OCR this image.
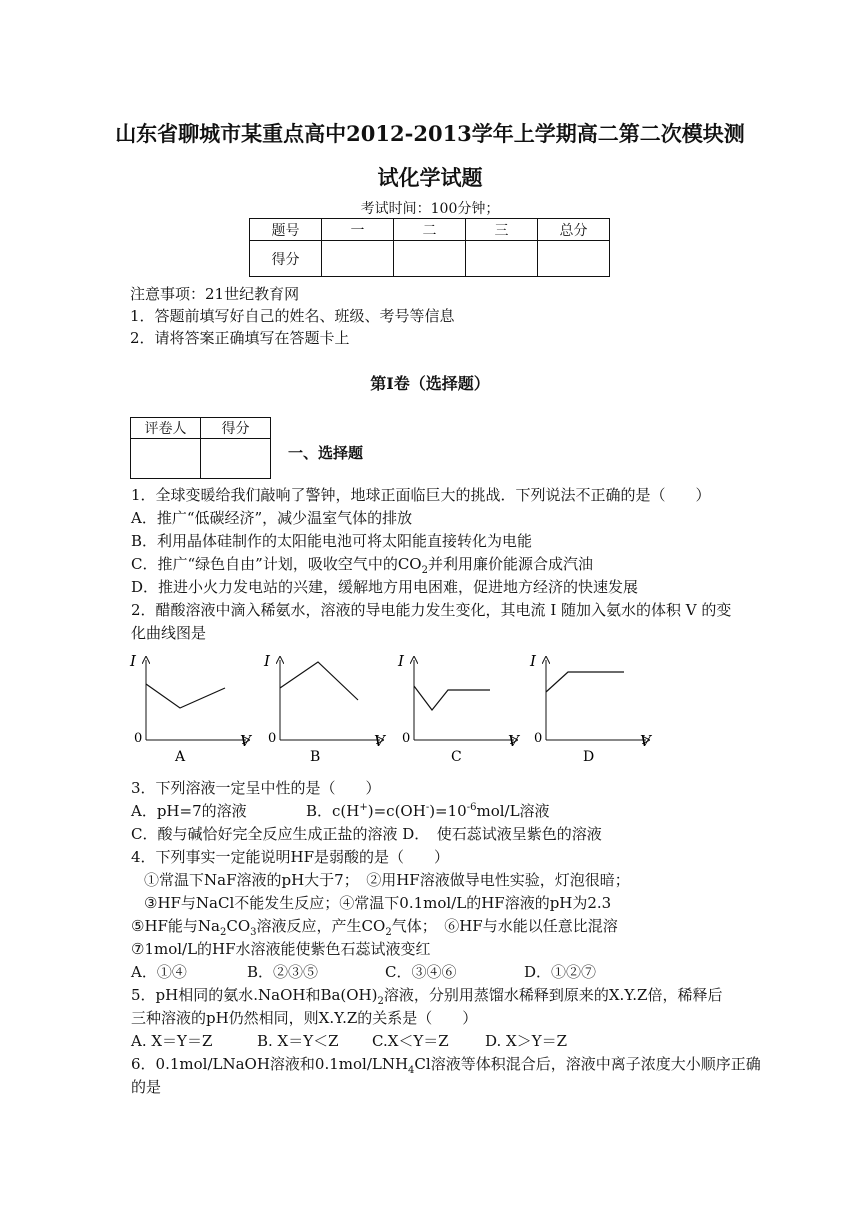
山东省聊城市某重点高中2012-2013学年上学期高二第二次模块测
试化学试题
考试时间：100分钟；
题号	一	二	三	总分
得分				
注意事项：21世纪教育网
1．答题前填写好自己的姓名、班级、考号等信息
2．请将答案正确填写在答题卡上
第Ⅰ卷（选择题）
评卷人	得分

一、选择题
1．全球变暖给我们敲响了警钟，地球正面临巨大的挑战．下列说法不正确的是（　　）
A．推广“低碳经济”，减少温室气体的排放
B．利用晶体硅制作的太阳能电池可将太阳能直接转化为电能
C．推广“绿色自由”计划，吸收空气中的$CO_2$并利用廉价能源合成汽油
D．推进小火力发电站的兴建，缓解地方用电困难，促进地方经济的快速发展
2．醋酸溶液中滴入稀氨水，溶液的导电能力发生变化，其电流 I 随加入氨水的体积 V 的变
化曲线图是
I
0	V
A
I
0	V
B
I
0	V
C
I
0	V
D
3．下列溶液一定呈中性的是（　　）
A．pH=7的溶液	B．$c(H^+)=c(OH^-)=10^{-6}mol/L$溶液
C．酸与碱恰好完全反应生成正盐的溶液 D．　使石蕊试液呈紫色的溶液
4．下列事实一定能说明HF是弱酸的是（　　）
①常温下NaF溶液的pH大于7；　②用HF溶液做导电性实验，灯泡很暗；
③HF与NaCl不能发生反应；④常温下0.1mol/L的HF溶液的pH为2.3
⑤HF能与$Na_2CO_3$溶液反应，产生$CO_2$气体；　⑥HF与水能以任意比混溶
⑦1mol/L的HF水溶液能使紫色石蕊试液变红
A．①④	B．②③⑤	C．③④⑥	D．①②⑦
5．pH相同的氨水.NaOH和$Ba(OH)_2$溶液，分别用蒸馏水稀释到原来的X.Y.Z倍，稀释后
三种溶液的pH仍然相同，则X.Y.Z的关系是（　　）
A. X＝Y＝Z	B. X＝Y＜Z C.X＜Y＝Z D. X＞Y＝Z
6．0.1mol/LNaOH溶液和$0.1mol/LNH_4Cl$溶液等体积混合后，溶液中离子浓度大小顺序正确
的是
